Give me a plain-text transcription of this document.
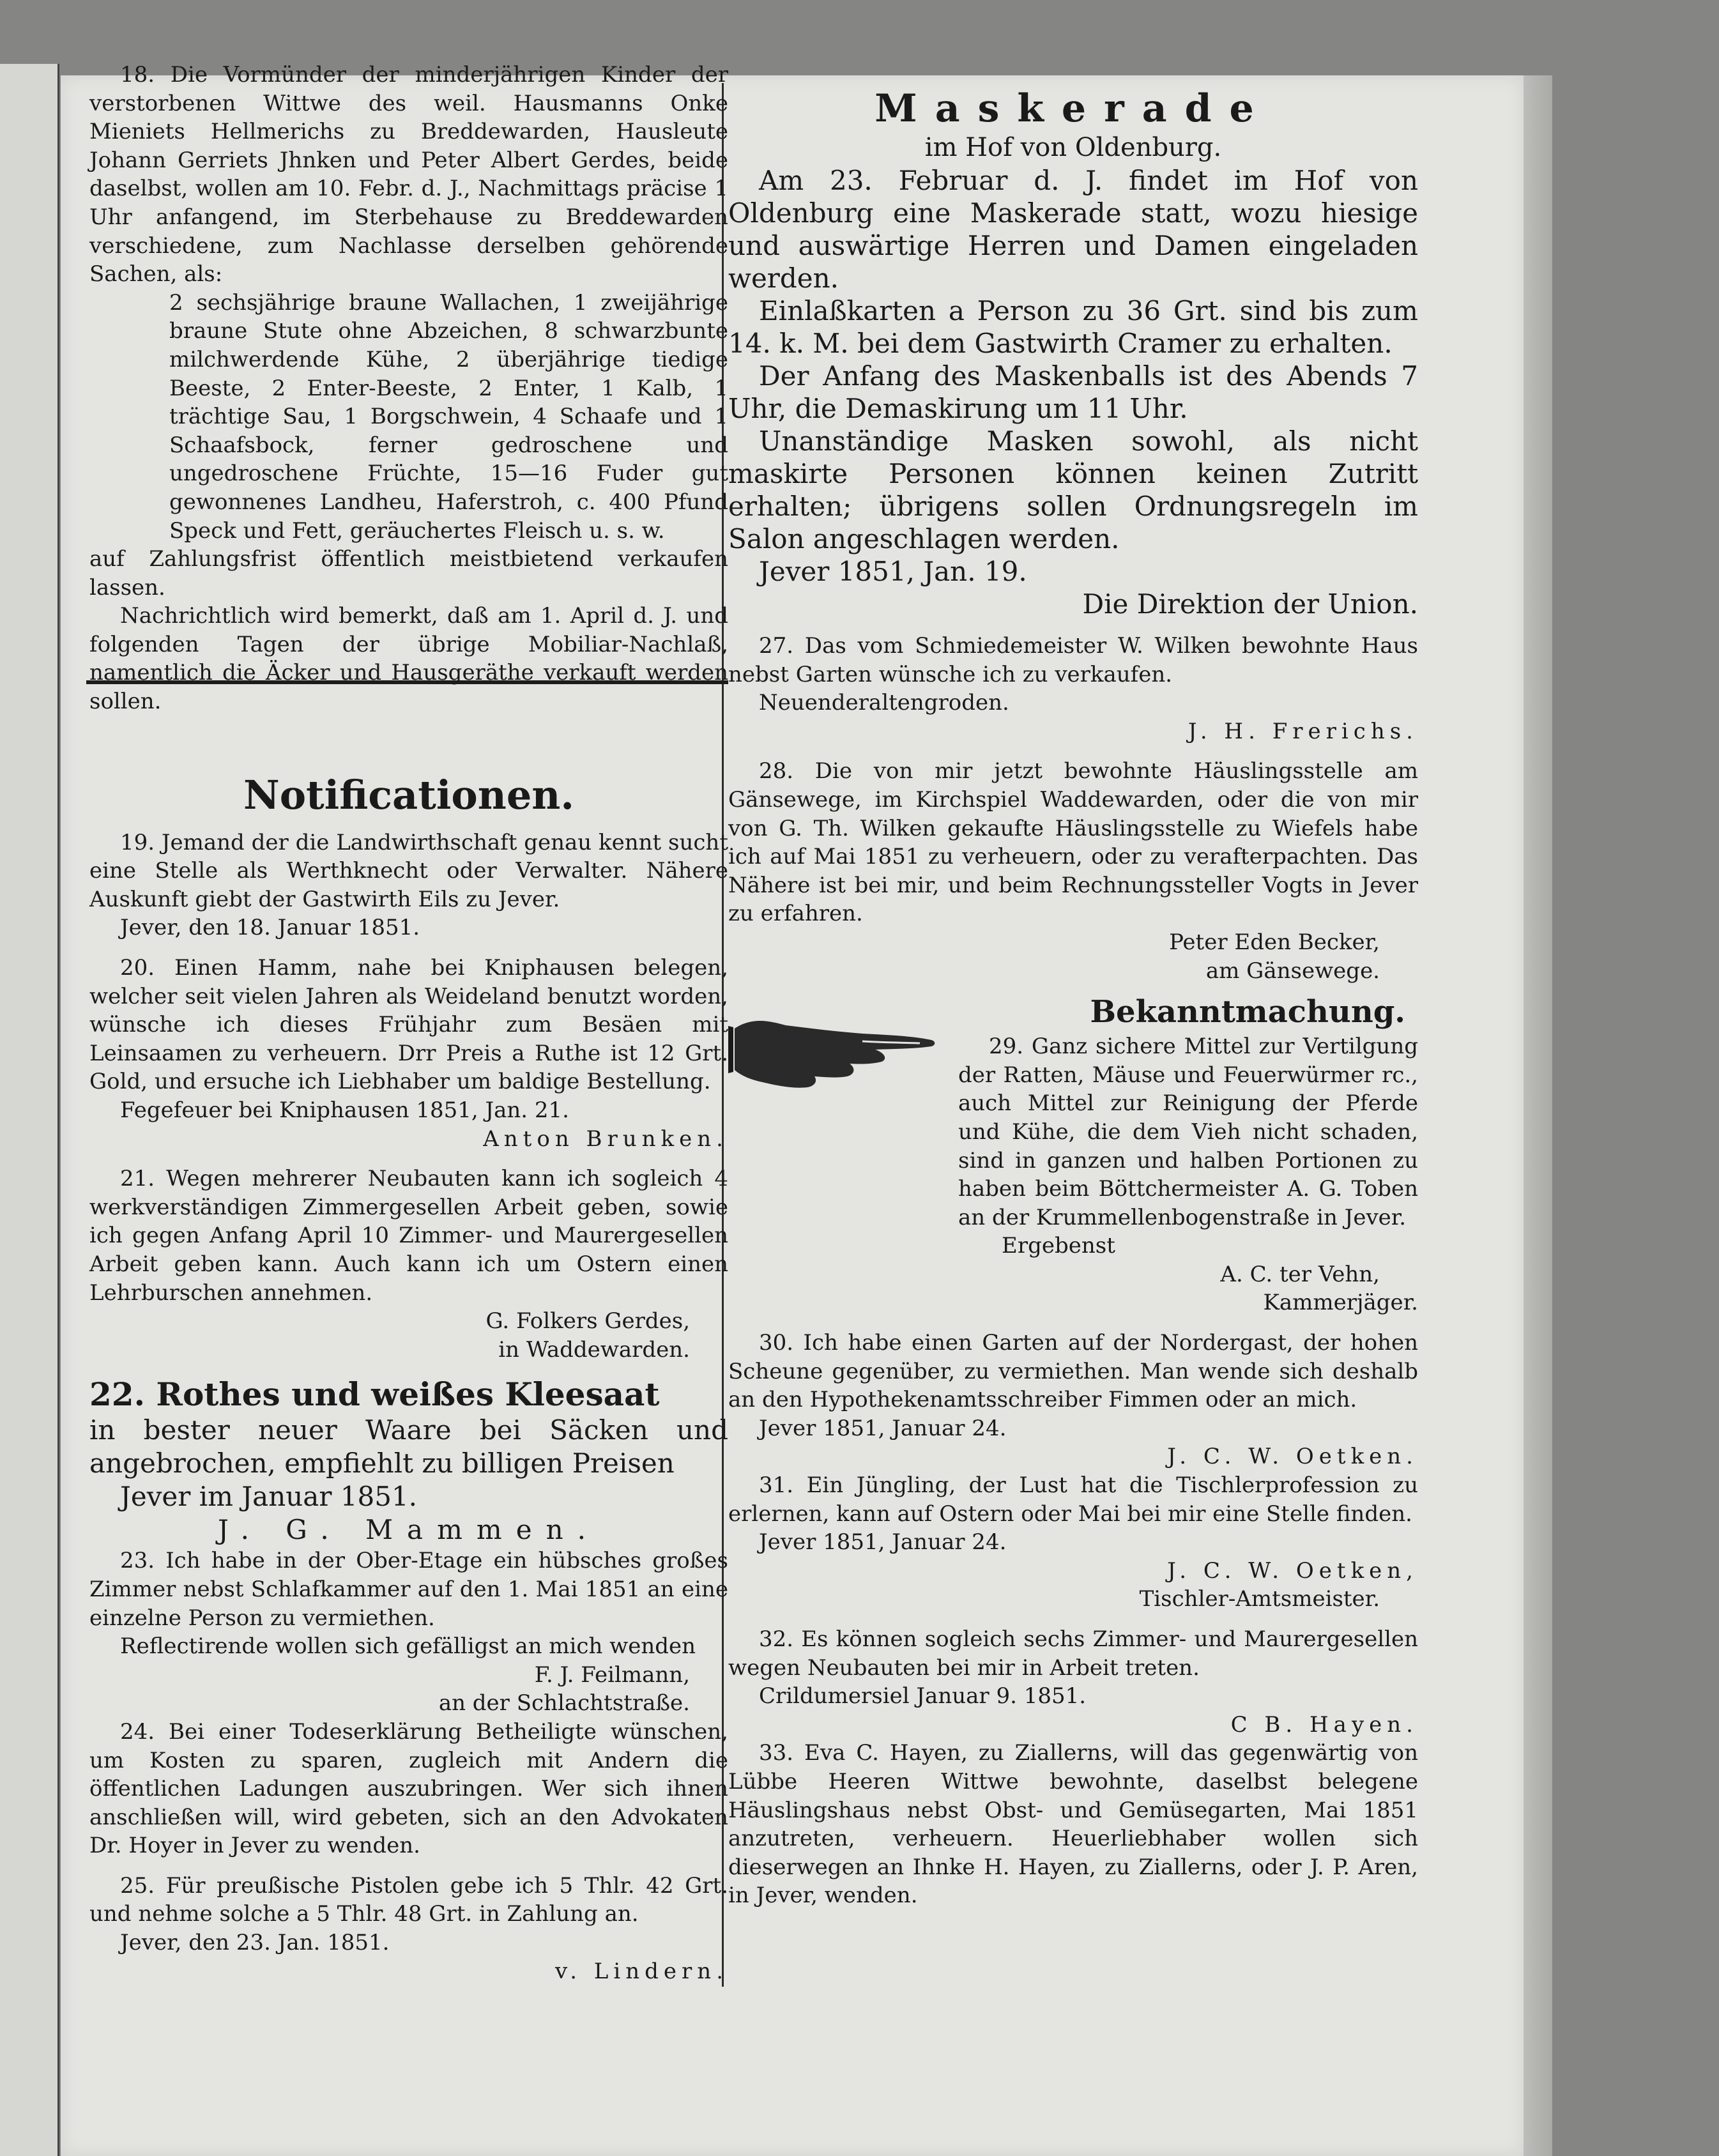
18. Die Vormünder der minderjährigen Kinder der verstorbenen Wittwe des weil. Hausmanns Onke Mieniets Hellmerichs zu Breddewarden, Hausleute Johann Gerriets Jhnken und Peter Albert Gerdes, beide daselbst, wollen am 10. Febr. d. J., Nachmittags präcise 1 Uhr anfangend, im Sterbehause zu Breddewarden verschiedene, zum Nachlasse derselben gehörende Sachen, als:

2 sechsjährige braune Wallachen, 1 zweijährige braune Stute ohne Abzeichen, 8 schwarzbunte milchwerdende Kühe, 2 überjährige tiedige Beeste, 2 Enter-Beeste, 2 Enter, 1 Kalb, 1 trächtige Sau, 1 Borgschwein, 4 Schaafe und 1 Schaafsbock, ferner gedroschene und ungedroschene Früchte, 15—16 Fuder gut gewonnenes Landheu, Haferstroh, c. 400 Pfund Speck und Fett, geräuchertes Fleisch u. s. w.

auf Zahlungsfrist öffentlich meistbietend verkaufen lassen.

Nachrichtlich wird bemerkt, daß am 1. April d. J. und folgenden Tagen der übrige Mobiliar-Nachlaß, namentlich die Äcker und Hausgeräthe verkauft werden sollen.

Notificationen.

19. Jemand der die Landwirthschaft genau kennt sucht eine Stelle als Werthknecht oder Verwalter. Nähere Auskunft giebt der Gastwirth Eils zu Jever.

Jever, den 18. Januar 1851.

20. Einen Hamm, nahe bei Kniphausen belegen, welcher seit vielen Jahren als Weideland benutzt worden, wünsche ich dieses Frühjahr zum Besäen mit Leinsaamen zu verheuern. Drr Preis a Ruthe ist 12 Grt. Gold, und ersuche ich Liebhaber um baldige Bestellung.

Fegefeuer bei Kniphausen 1851, Jan. 21.

Anton Brunken.

21. Wegen mehrerer Neubauten kann ich sogleich 4 werkverständigen Zimmergesellen Arbeit geben, sowie ich gegen Anfang April 10 Zimmer- und Maurergesellen Arbeit geben kann. Auch kann ich um Ostern einen Lehrburschen annehmen.

G. Folkers Gerdes,

in Waddewarden.

22. Rothes und weißes Kleesaat

in bester neuer Waare bei Säcken und angebrochen, empfiehlt zu billigen Preisen

Jever im Januar 1851.

J. G. Mammen.

23. Ich habe in der Ober-Etage ein hübsches großes Zimmer nebst Schlafkammer auf den 1. Mai 1851 an eine einzelne Person zu vermiethen.

Reflectirende wollen sich gefälligst an mich wenden

F. J. Feilmann,

an der Schlachtstraße.

24. Bei einer Todeserklärung Betheiligte wünschen, um Kosten zu sparen, zugleich mit Andern die öffentlichen Ladungen auszubringen. Wer sich ihnen anschließen will, wird gebeten, sich an den Advokaten Dr. Hoyer in Jever zu wenden.

25. Für preußische Pistolen gebe ich 5 Thlr. 42 Grt. und nehme solche a 5 Thlr. 48 Grt. in Zahlung an.

Jever, den 23. Jan. 1851.

v. Lindern.

Maskerade
im Hof von Oldenburg.

Am 23. Februar d. J. findet im Hof von Oldenburg eine Maskerade statt, wozu hiesige und auswärtige Herren und Damen eingeladen werden.

Einlaßkarten a Person zu 36 Grt. sind bis zum 14. k. M. bei dem Gastwirth Cramer zu erhalten.

Der Anfang des Maskenballs ist des Abends 7 Uhr, die Demaskirung um 11 Uhr.

Unanständige Masken sowohl, als nicht maskirte Personen können keinen Zutritt erhalten; übrigens sollen Ordnungsregeln im Salon angeschlagen werden.

Jever 1851, Jan. 19.

Die Direktion der Union.

27. Das vom Schmiedemeister W. Wilken bewohnte Haus nebst Garten wünsche ich zu verkaufen.

Neuenderaltengroden.

J. H. Frerichs.

28. Die von mir jetzt bewohnte Häuslingsstelle am Gänsewege, im Kirchspiel Waddewarden, oder die von mir von G. Th. Wilken gekaufte Häuslingsstelle zu Wiefels habe ich auf Mai 1851 zu verheuern, oder zu verafterpachten. Das Nähere ist bei mir, und beim Rechnungssteller Vogts in Jever zu erfahren.

Peter Eden Becker,

am Gänsewege.

Bekanntmachung.

29. Ganz sichere Mittel zur Vertilgung der Ratten, Mäuse und Feuerwürmer rc., auch Mittel zur Reinigung der Pferde und Kühe, die dem Vieh nicht schaden, sind in ganzen und halben Portionen zu haben beim Böttchermeister A. G. Toben an der Krummellenbogenstraße in Jever.

Ergebenst

A. C. ter Vehn,

Kammerjäger.

30. Ich habe einen Garten auf der Nordergast, der hohen Scheune gegenüber, zu vermiethen. Man wende sich deshalb an den Hypothekenamtsschreiber Fimmen oder an mich.

Jever 1851, Januar 24.

J. C. W. Oetken.

31. Ein Jüngling, der Lust hat die Tischlerprofession zu erlernen, kann auf Ostern oder Mai bei mir eine Stelle finden.

Jever 1851, Januar 24.

J. C. W. Oetken,

Tischler-Amtsmeister.

32. Es können sogleich sechs Zimmer- und Maurergesellen wegen Neubauten bei mir in Arbeit treten.

Crildumersiel Januar 9. 1851.

C B. Hayen.

33. Eva C. Hayen, zu Ziallerns, will das gegenwärtig von Lübbe Heeren Wittwe bewohnte, daselbst belegene Häuslingshaus nebst Obst- und Gemüsegarten, Mai 1851 anzutreten, verheuern. Heuerliebhaber wollen sich dieserwegen an Ihnke H. Hayen, zu Ziallerns, oder J. P. Aren, in Jever, wenden.
